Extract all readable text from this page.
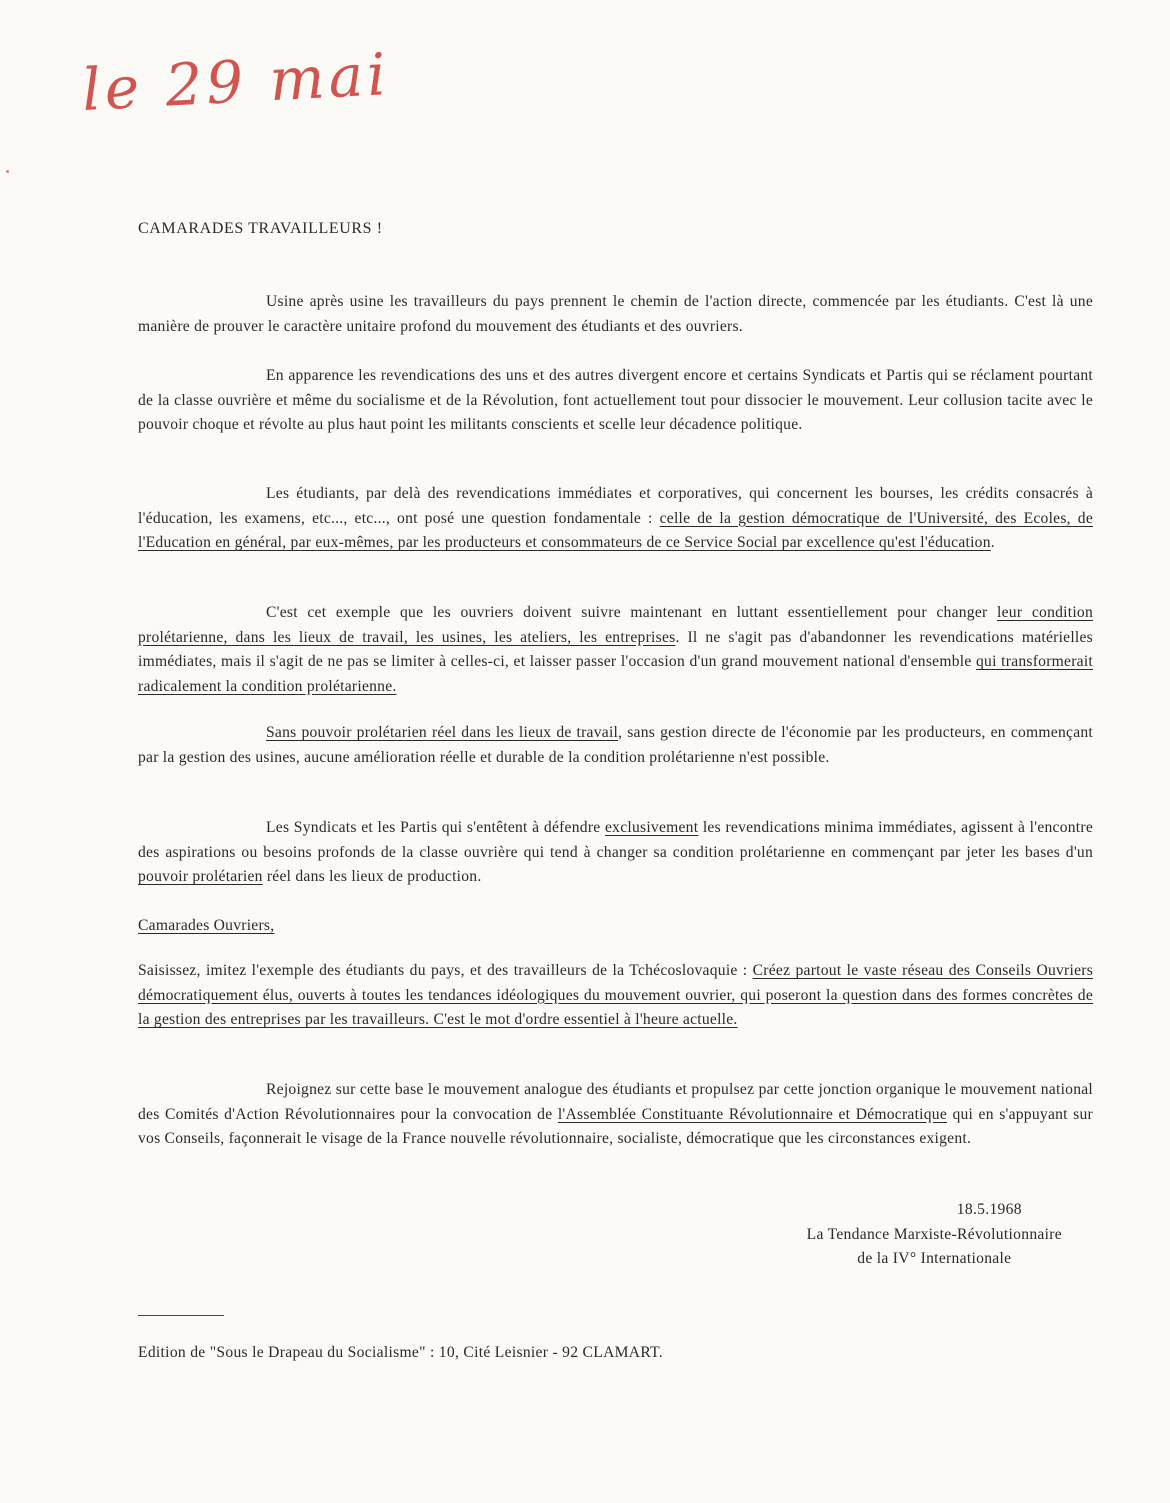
le 29 mai
CAMARADES TRAVAILLEURS !
Usine après usine les travailleurs du pays prennent le chemin de l'action directe, commencée par les étudiants. C'est là une manière de prouver le caractère unitaire profond du mouvement des étudiants et des ouvriers.
En apparence les revendications des uns et des autres divergent encore et certains Syndicats et Partis qui se réclament pourtant de la classe ouvrière et même du socialisme et de la Révolution, font actuellement tout pour dissocier le mouvement. Leur collusion tacite avec le pouvoir choque et révolte au plus haut point les militants conscients et scelle leur décadence politique.
Les étudiants, par delà des revendications immédiates et corporatives, qui concernent les bourses, les crédits consacrés à l'éducation, les examens, etc..., etc..., ont posé une question fondamentale : celle de la gestion démocratique de l'Université, des Ecoles, de l'Education en général, par eux-mêmes, par les producteurs et consommateurs de ce Service Social par excellence qu'est l'éducation.
C'est cet exemple que les ouvriers doivent suivre maintenant en luttant essentiellement pour changer leur condition prolétarienne, dans les lieux de travail, les usines, les ateliers, les entreprises. Il ne s'agit pas d'abandonner les revendications matérielles immédiates, mais il s'agit de ne pas se limiter à celles-ci, et laisser passer l'occasion d'un grand mouvement national d'ensemble qui transformerait radicalement la condition prolétarienne.
Sans pouvoir prolétarien réel dans les lieux de travail, sans gestion directe de l'économie par les producteurs, en commençant par la gestion des usines, aucune amélioration réelle et durable de la condition prolétarienne n'est possible.
Les Syndicats et les Partis qui s'entêtent à défendre exclusivement les revendications minima immédiates, agissent à l'encontre des aspirations ou besoins profonds de la classe ouvrière qui tend à changer sa condition prolétarienne en commençant par jeter les bases d'un pouvoir prolétarien réel dans les lieux de production.
Camarades Ouvriers,
Saisissez, imitez l'exemple des étudiants du pays, et des travailleurs de la Tchécoslovaquie : Créez partout le vaste réseau des Conseils Ouvriers démocratiquement élus, ouverts à toutes les tendances idéologiques du mouvement ouvrier, qui poseront la question dans des formes concrètes de la gestion des entreprises par les travailleurs. C'est le mot d'ordre essentiel à l'heure actuelle.
Rejoignez sur cette base le mouvement analogue des étudiants et propulsez par cette jonction organique le mouvement national des Comités d'Action Révolutionnaires pour la convocation de l'Assemblée Constituante Révolutionnaire et Démocratique qui en s'appuyant sur vos Conseils, façonnerait le visage de la France nouvelle révolutionnaire, socialiste, démocratique que les circonstances exigent.
18.5.1968
La Tendance Marxiste-Révolutionnaire
de la IV° Internationale
Edition de "Sous le Drapeau du Socialisme" : 10, Cité Leisnier - 92 CLAMART.
